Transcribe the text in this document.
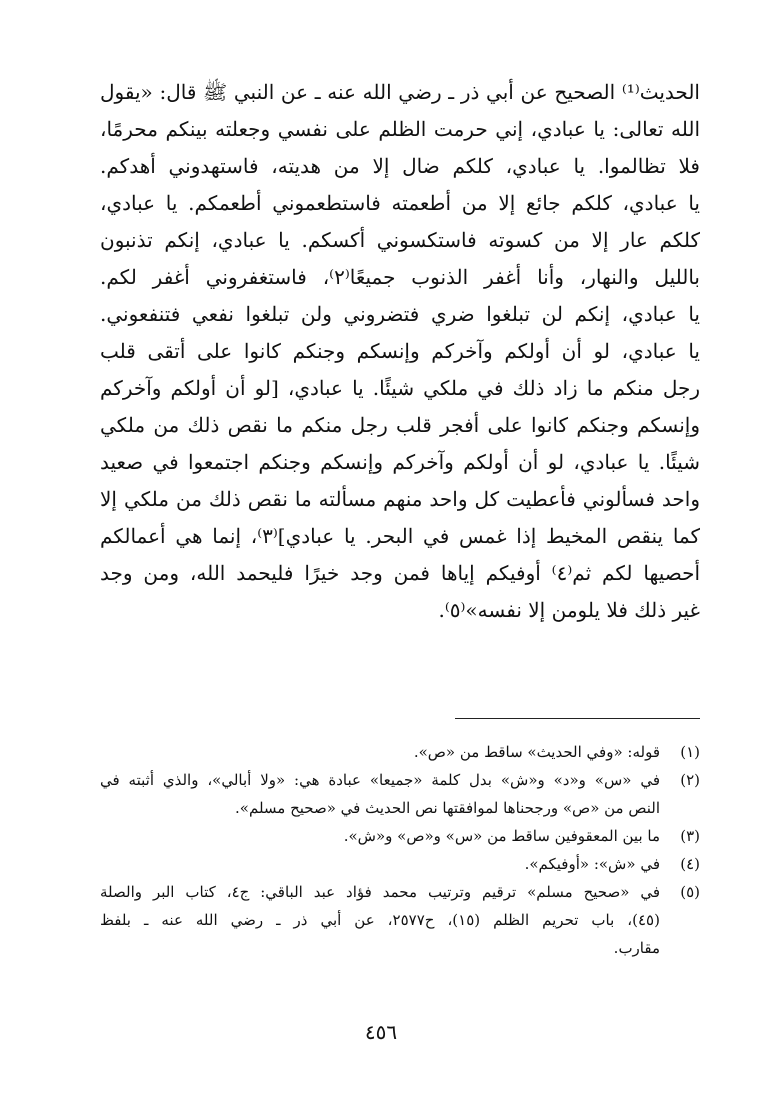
الحديث⁽¹⁾ الصحيح عن أبي ذر ـ رضي الله عنه ـ عن النبي ﷺ قال: «يقول
الله تعالى: يا عبادي، إني حرمت الظلم على نفسي وجعلته بينكم محرمًا،
فلا تظالموا. يا عبادي، كلكم ضال إلا من هديته، فاستهدوني أهدكم.
يا عبادي، كلكم جائع إلا من أطعمته فاستطعموني أطعمكم. يا عبادي،
كلكم عار إلا من كسوته فاستكسوني أكسكم. يا عبادي، إنكم تذنبون
بالليل والنهار، وأنا أغفر الذنوب جميعًا⁽٢⁾، فاستغفروني أغفر لكم.
يا عبادي، إنكم لن تبلغوا ضري فتضروني ولن تبلغوا نفعي فتنفعوني.
يا عبادي، لو أن أولكم وآخركم وإنسكم وجنكم كانوا على أتقى قلب
رجل منكم ما زاد ذلك في ملكي شيئًا. يا عبادي، [لو أن أولكم وآخركم
وإنسكم وجنكم كانوا على أفجر قلب رجل منكم ما نقص ذلك من ملكي
شيئًا. يا عبادي، لو أن أولكم وآخركم وإنسكم وجنكم اجتمعوا في صعيد
واحد فسألوني فأعطيت كل واحد منهم مسألته ما نقص ذلك من ملكي إلا
كما ينقص المخيط إذا غمس في البحر. يا عبادي]⁽٣⁾، إنما هي أعمالكم
أحصيها لكم ثم⁽٤⁾ أوفيكم إياها فمن وجد خيرًا فليحمد الله، ومن وجد
غير ذلك فلا يلومن إلا نفسه»⁽٥⁾.
(١)
قوله: «وفي الحديث» ساقط من «ص».
(٢)
في «س» و«د» و«ش» بدل كلمة «جميعا» عبادة هي: «ولا أبالي»، والذي أثبته في
النص من «ص» ورجحناها لموافقتها نص الحديث في «صحيح مسلم».
(٣)
ما بين المعقوفين ساقط من «س» و«ص» و«ش».
(٤)
في «ش»: «أوفيكم».
(٥)
في «صحيح مسلم» ترقيم وترتيب محمد فؤاد عبد الباقي: ج٤، كتاب البر والصلة
(٤٥)، باب تحريم الظلم (١٥)، ح٢٥٧٧، عن أبي ذر ـ رضي الله عنه ـ بلفظ
مقارب.
٤٥٦
